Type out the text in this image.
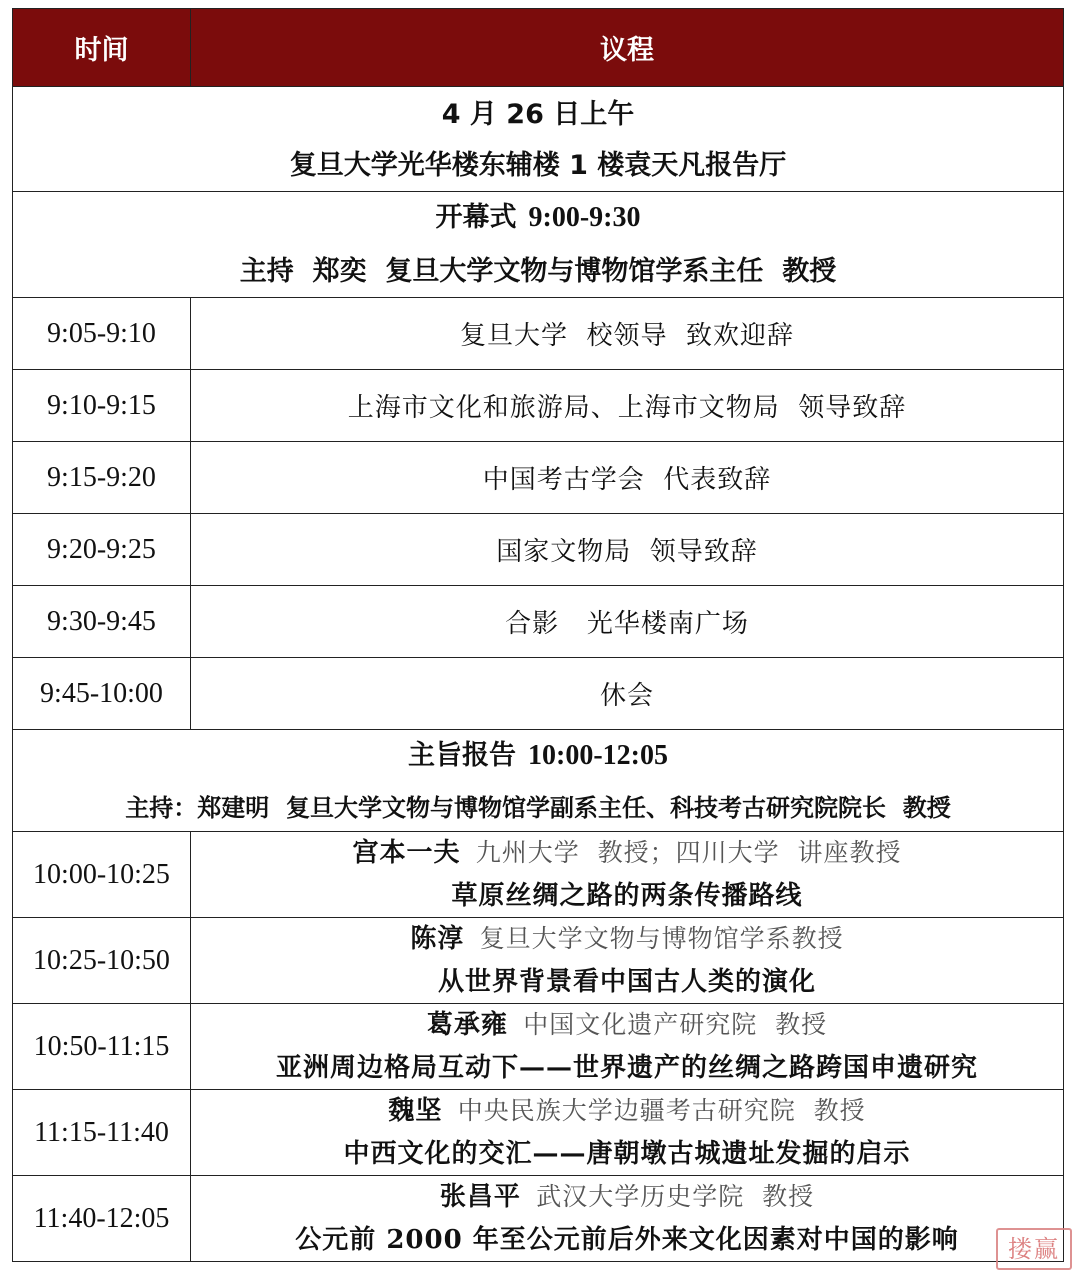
时间	议程

4 月 26 日上午
复旦大学光华楼东辅楼 1 楼袁天凡报告厅	

开幕式 9:00-9:30
主持  郑奕  复旦大学文物与博物馆学系主任  教授	

9:05-9:10	复旦大学  校领导  致欢迎辞
9:10-9:15	上海市文化和旅游局、上海市文物局  领导致辞
9:15-9:20	中国考古学会  代表致辞
9:20-9:25	国家文物局  领导致辞
9:30-9:45	合影   光华楼南广场
9:45-10:00	休会

主旨报告 10:00-12:05
主持：郑建明  复旦大学文物与博物馆学副系主任、科技考古研究院院长  教授	

10:00-10:25	宫本一夫 九州大学  教授；四川大学  讲座教授
草原丝绸之路的两条传播路线

10:25-10:50	陈淳 复旦大学文物与博物馆学系教授
从世界背景看中国古人类的演化

10:50-11:15	葛承雍 中国文化遗产研究院  教授
亚洲周边格局互动下——世界遗产的丝绸之路跨国申遗研究

11:15-11:40	魏坚 中央民族大学边疆考古研究院  教授
中西文化的交汇——唐朝墩古城遗址发掘的启示

11:40-12:05	张昌平 武汉大学历史学院  教授
公元前 2000 年至公元前后外来文化因素对中国的影响	搂赢
